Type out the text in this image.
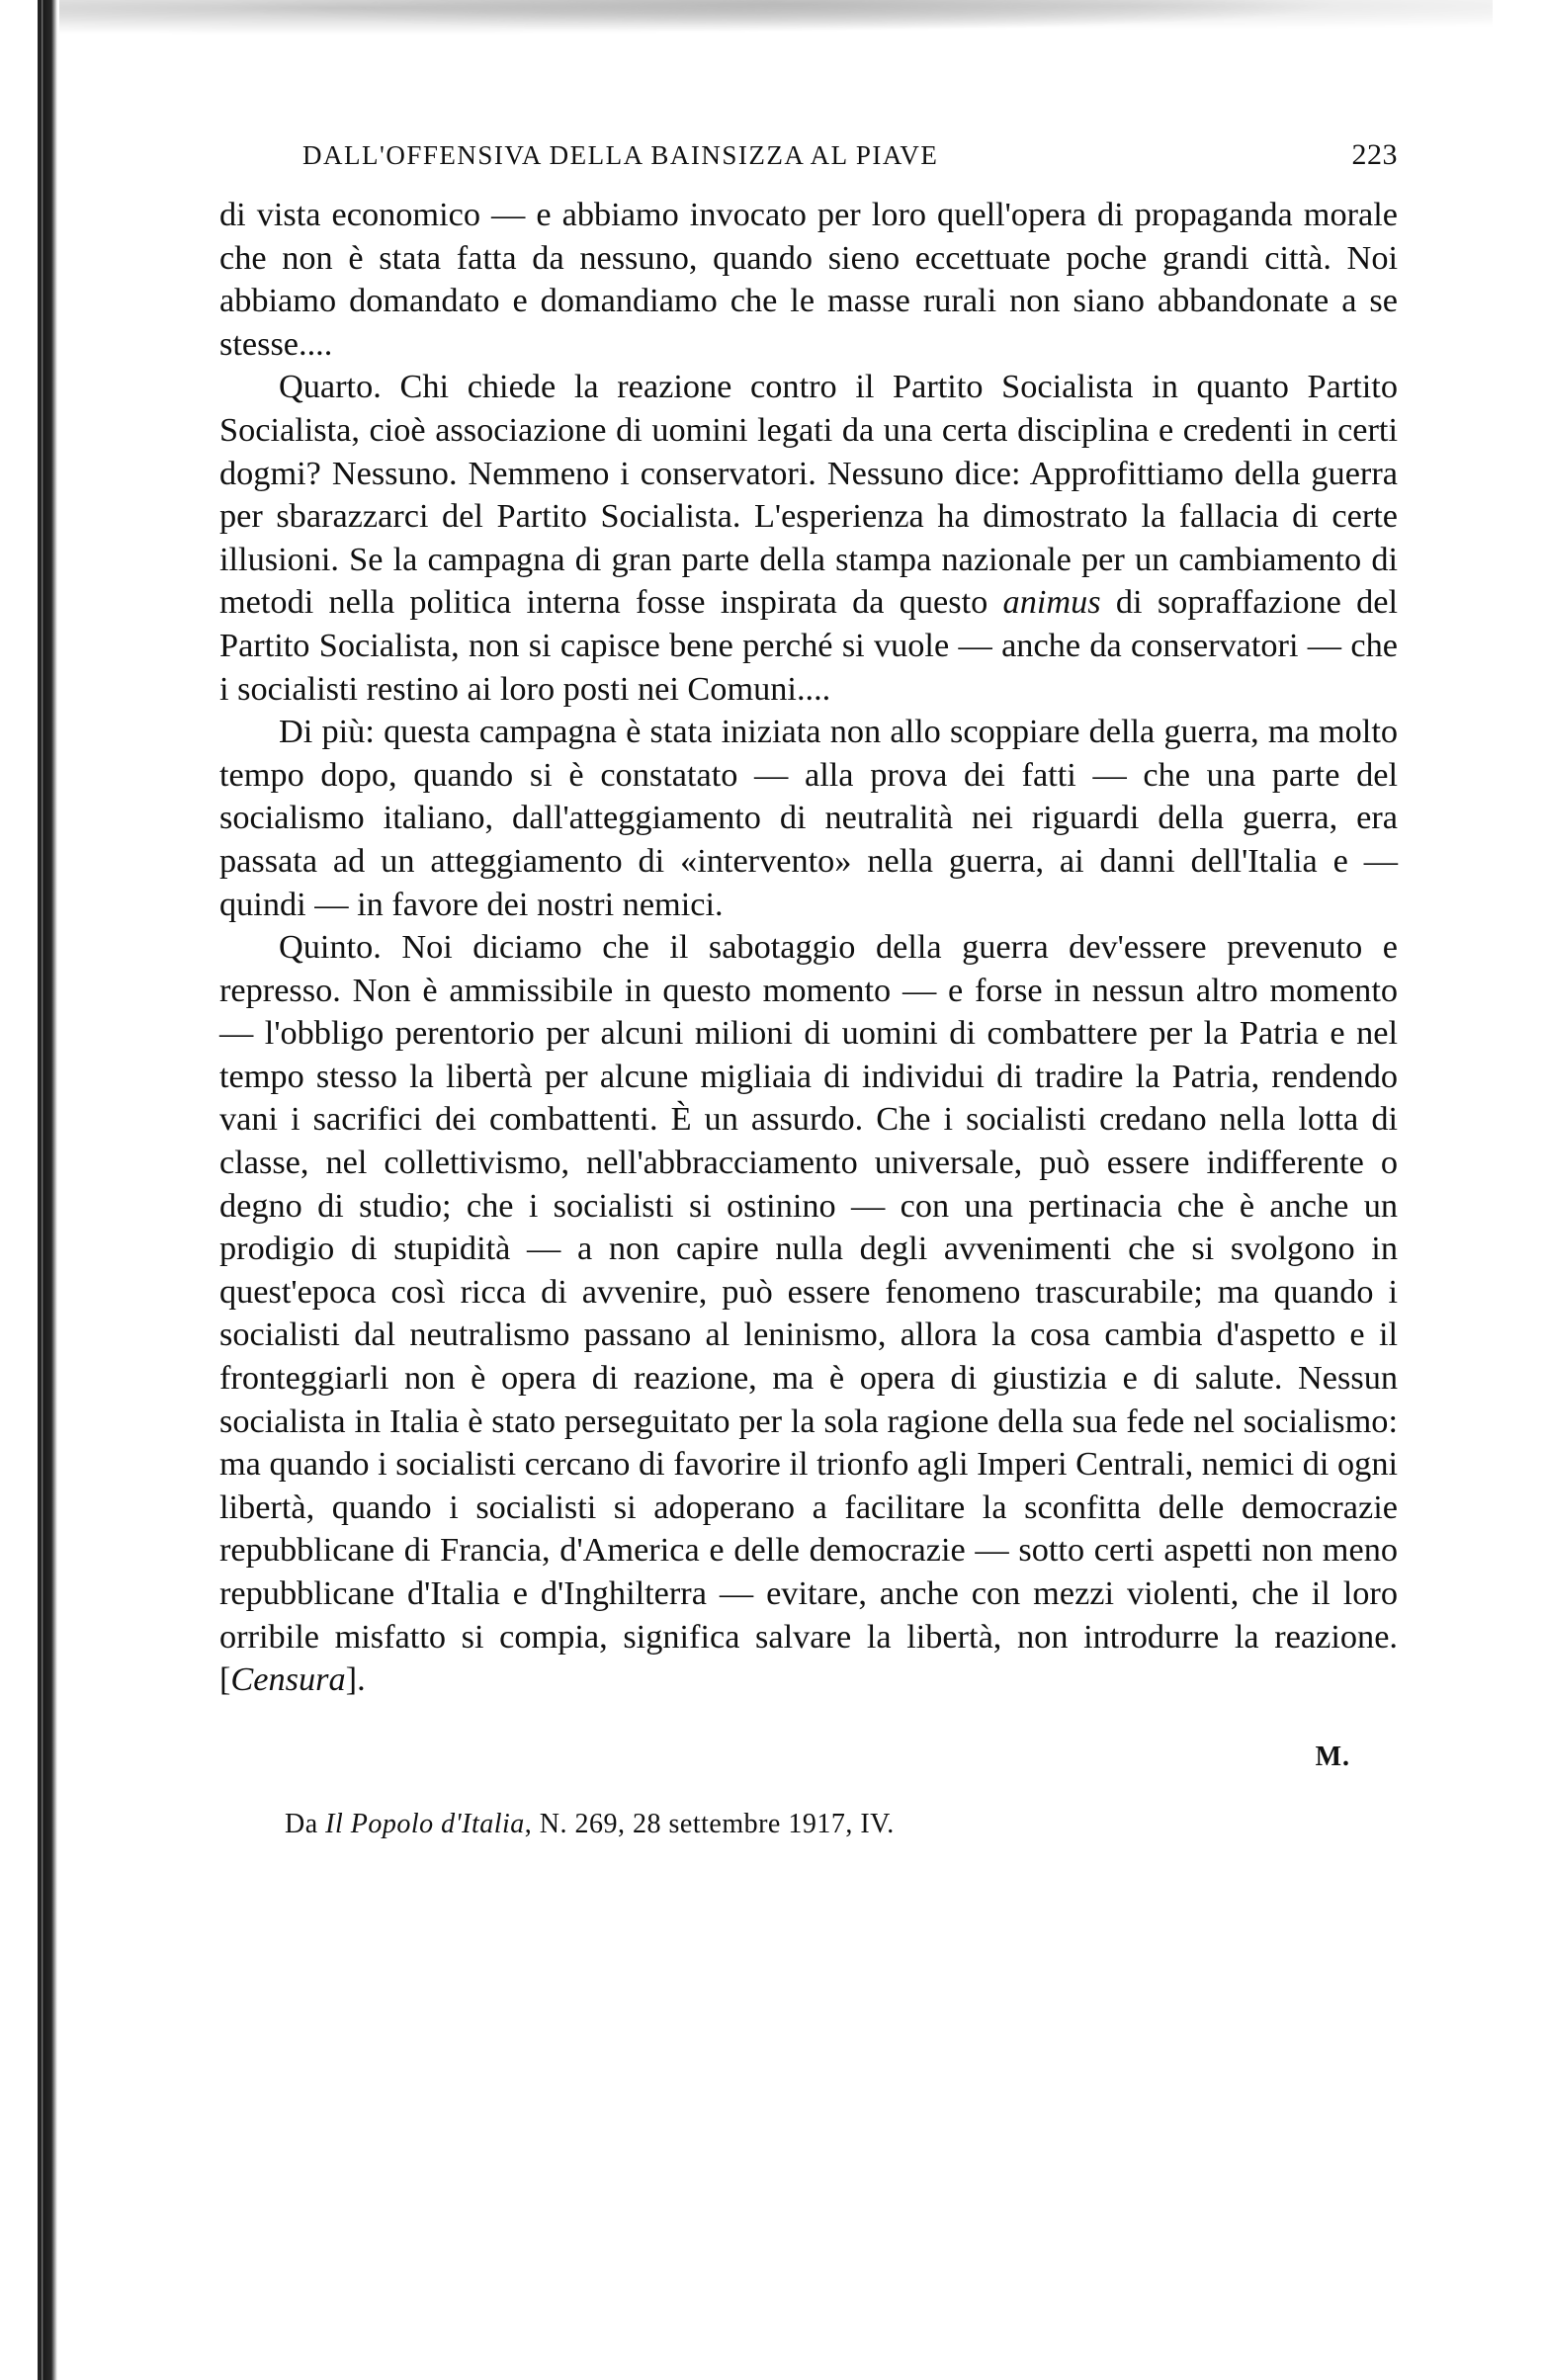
DALL'OFFENSIVA DELLA BAINSIZZA AL PIAVE	223

di vista economico — e abbiamo invocato per loro quell'opera di propaganda morale che non è stata fatta da nessuno, quando sieno eccettuate poche grandi città. Noi abbiamo domandato e domandiamo che le masse rurali non siano abbandonate a se stesse....

Quarto. Chi chiede la reazione contro il Partito Socialista in quanto Partito Socialista, cioè associazione di uomini legati da una certa disciplina e credenti in certi dogmi? Nessuno. Nemmeno i conservatori. Nessuno dice: Approfittiamo della guerra per sbarazzarci del Partito Socialista. L'esperienza ha dimostrato la fallacia di certe illusioni. Se la campagna di gran parte della stampa nazionale per un cambiamento di metodi nella politica interna fosse inspirata da questo animus di sopraffazione del Partito Socialista, non si capisce bene perché si vuole — anche da conservatori — che i socialisti restino ai loro posti nei Comuni....

Di più: questa campagna è stata iniziata non allo scoppiare della guerra, ma molto tempo dopo, quando si è constatato — alla prova dei fatti — che una parte del socialismo italiano, dall'atteggiamento di neutralità nei riguardi della guerra, era passata ad un atteggiamento di «intervento» nella guerra, ai danni dell'Italia e — quindi — in favore dei nostri nemici.

Quinto. Noi diciamo che il sabotaggio della guerra dev'essere prevenuto e represso. Non è ammissibile in questo momento — e forse in nessun altro momento — l'obbligo perentorio per alcuni milioni di uomini di combattere per la Patria e nel tempo stesso la libertà per alcune migliaia di individui di tradire la Patria, rendendo vani i sacrifici dei combattenti. È un assurdo. Che i socialisti credano nella lotta di classe, nel collettivismo, nell'abbracciamento universale, può essere indifferente o degno di studio; che i socialisti si ostinino — con una pertinacia che è anche un prodigio di stupidità — a non capire nulla degli avvenimenti che si svolgono in quest'epoca così ricca di avvenire, può essere fenomeno trascurabile; ma quando i socialisti dal neutralismo passano al leninismo, allora la cosa cambia d'aspetto e il fronteggiarli non è opera di reazione, ma è opera di giustizia e di salute. Nessun socialista in Italia è stato perseguitato per la sola ragione della sua fede nel socialismo: ma quando i socialisti cercano di favorire il trionfo agli Imperi Centrali, nemici di ogni libertà, quando i socialisti si adoperano a facilitare la sconfitta delle democrazie repubblicane di Francia, d'America e delle democrazie — sotto certi aspetti non meno repubblicane d'Italia e d'Inghilterra — evitare, anche con mezzi violenti, che il loro orribile misfatto si compia, significa salvare la libertà, non introdurre la reazione. [Censura].

M.
Da Il Popolo d'Italia, N. 269, 28 settembre 1917, IV.
